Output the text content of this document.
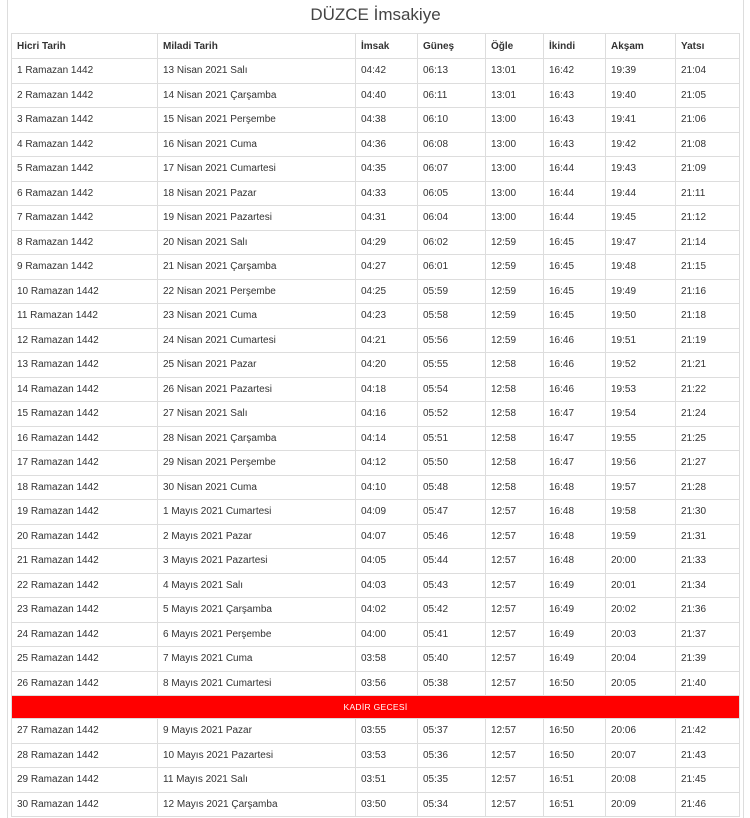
DÜZCE İmsakiye
Hicri Tarih	Miladi Tarih	İmsak	Güneş	Öğle	İkindi	Akşam	Yatsı
1 Ramazan 1442	13 Nisan 2021 Salı	04:42	06:13	13:01	16:42	19:39	21:04
2 Ramazan 1442	14 Nisan 2021 Çarşamba	04:40	06:11	13:01	16:43	19:40	21:05
3 Ramazan 1442	15 Nisan 2021 Perşembe	04:38	06:10	13:00	16:43	19:41	21:06
4 Ramazan 1442	16 Nisan 2021 Cuma	04:36	06:08	13:00	16:43	19:42	21:08
5 Ramazan 1442	17 Nisan 2021 Cumartesi	04:35	06:07	13:00	16:44	19:43	21:09
6 Ramazan 1442	18 Nisan 2021 Pazar	04:33	06:05	13:00	16:44	19:44	21:11
7 Ramazan 1442	19 Nisan 2021 Pazartesi	04:31	06:04	13:00	16:44	19:45	21:12
8 Ramazan 1442	20 Nisan 2021 Salı	04:29	06:02	12:59	16:45	19:47	21:14
9 Ramazan 1442	21 Nisan 2021 Çarşamba	04:27	06:01	12:59	16:45	19:48	21:15
10 Ramazan 1442	22 Nisan 2021 Perşembe	04:25	05:59	12:59	16:45	19:49	21:16
11 Ramazan 1442	23 Nisan 2021 Cuma	04:23	05:58	12:59	16:45	19:50	21:18
12 Ramazan 1442	24 Nisan 2021 Cumartesi	04:21	05:56	12:59	16:46	19:51	21:19
13 Ramazan 1442	25 Nisan 2021 Pazar	04:20	05:55	12:58	16:46	19:52	21:21
14 Ramazan 1442	26 Nisan 2021 Pazartesi	04:18	05:54	12:58	16:46	19:53	21:22
15 Ramazan 1442	27 Nisan 2021 Salı	04:16	05:52	12:58	16:47	19:54	21:24
16 Ramazan 1442	28 Nisan 2021 Çarşamba	04:14	05:51	12:58	16:47	19:55	21:25
17 Ramazan 1442	29 Nisan 2021 Perşembe	04:12	05:50	12:58	16:47	19:56	21:27
18 Ramazan 1442	30 Nisan 2021 Cuma	04:10	05:48	12:58	16:48	19:57	21:28
19 Ramazan 1442	1 Mayıs 2021 Cumartesi	04:09	05:47	12:57	16:48	19:58	21:30
20 Ramazan 1442	2 Mayıs 2021 Pazar	04:07	05:46	12:57	16:48	19:59	21:31
21 Ramazan 1442	3 Mayıs 2021 Pazartesi	04:05	05:44	12:57	16:48	20:00	21:33
22 Ramazan 1442	4 Mayıs 2021 Salı	04:03	05:43	12:57	16:49	20:01	21:34
23 Ramazan 1442	5 Mayıs 2021 Çarşamba	04:02	05:42	12:57	16:49	20:02	21:36
24 Ramazan 1442	6 Mayıs 2021 Perşembe	04:00	05:41	12:57	16:49	20:03	21:37
25 Ramazan 1442	7 Mayıs 2021 Cuma	03:58	05:40	12:57	16:49	20:04	21:39
26 Ramazan 1442	8 Mayıs 2021 Cumartesi	03:56	05:38	12:57	16:50	20:05	21:40
KADİR GECESİ							
27 Ramazan 1442	9 Mayıs 2021 Pazar	03:55	05:37	12:57	16:50	20:06	21:42
28 Ramazan 1442	10 Mayıs 2021 Pazartesi	03:53	05:36	12:57	16:50	20:07	21:43
29 Ramazan 1442	11 Mayıs 2021 Salı	03:51	05:35	12:57	16:51	20:08	21:45
30 Ramazan 1442	12 Mayıs 2021 Çarşamba	03:50	05:34	12:57	16:51	20:09	21:46
